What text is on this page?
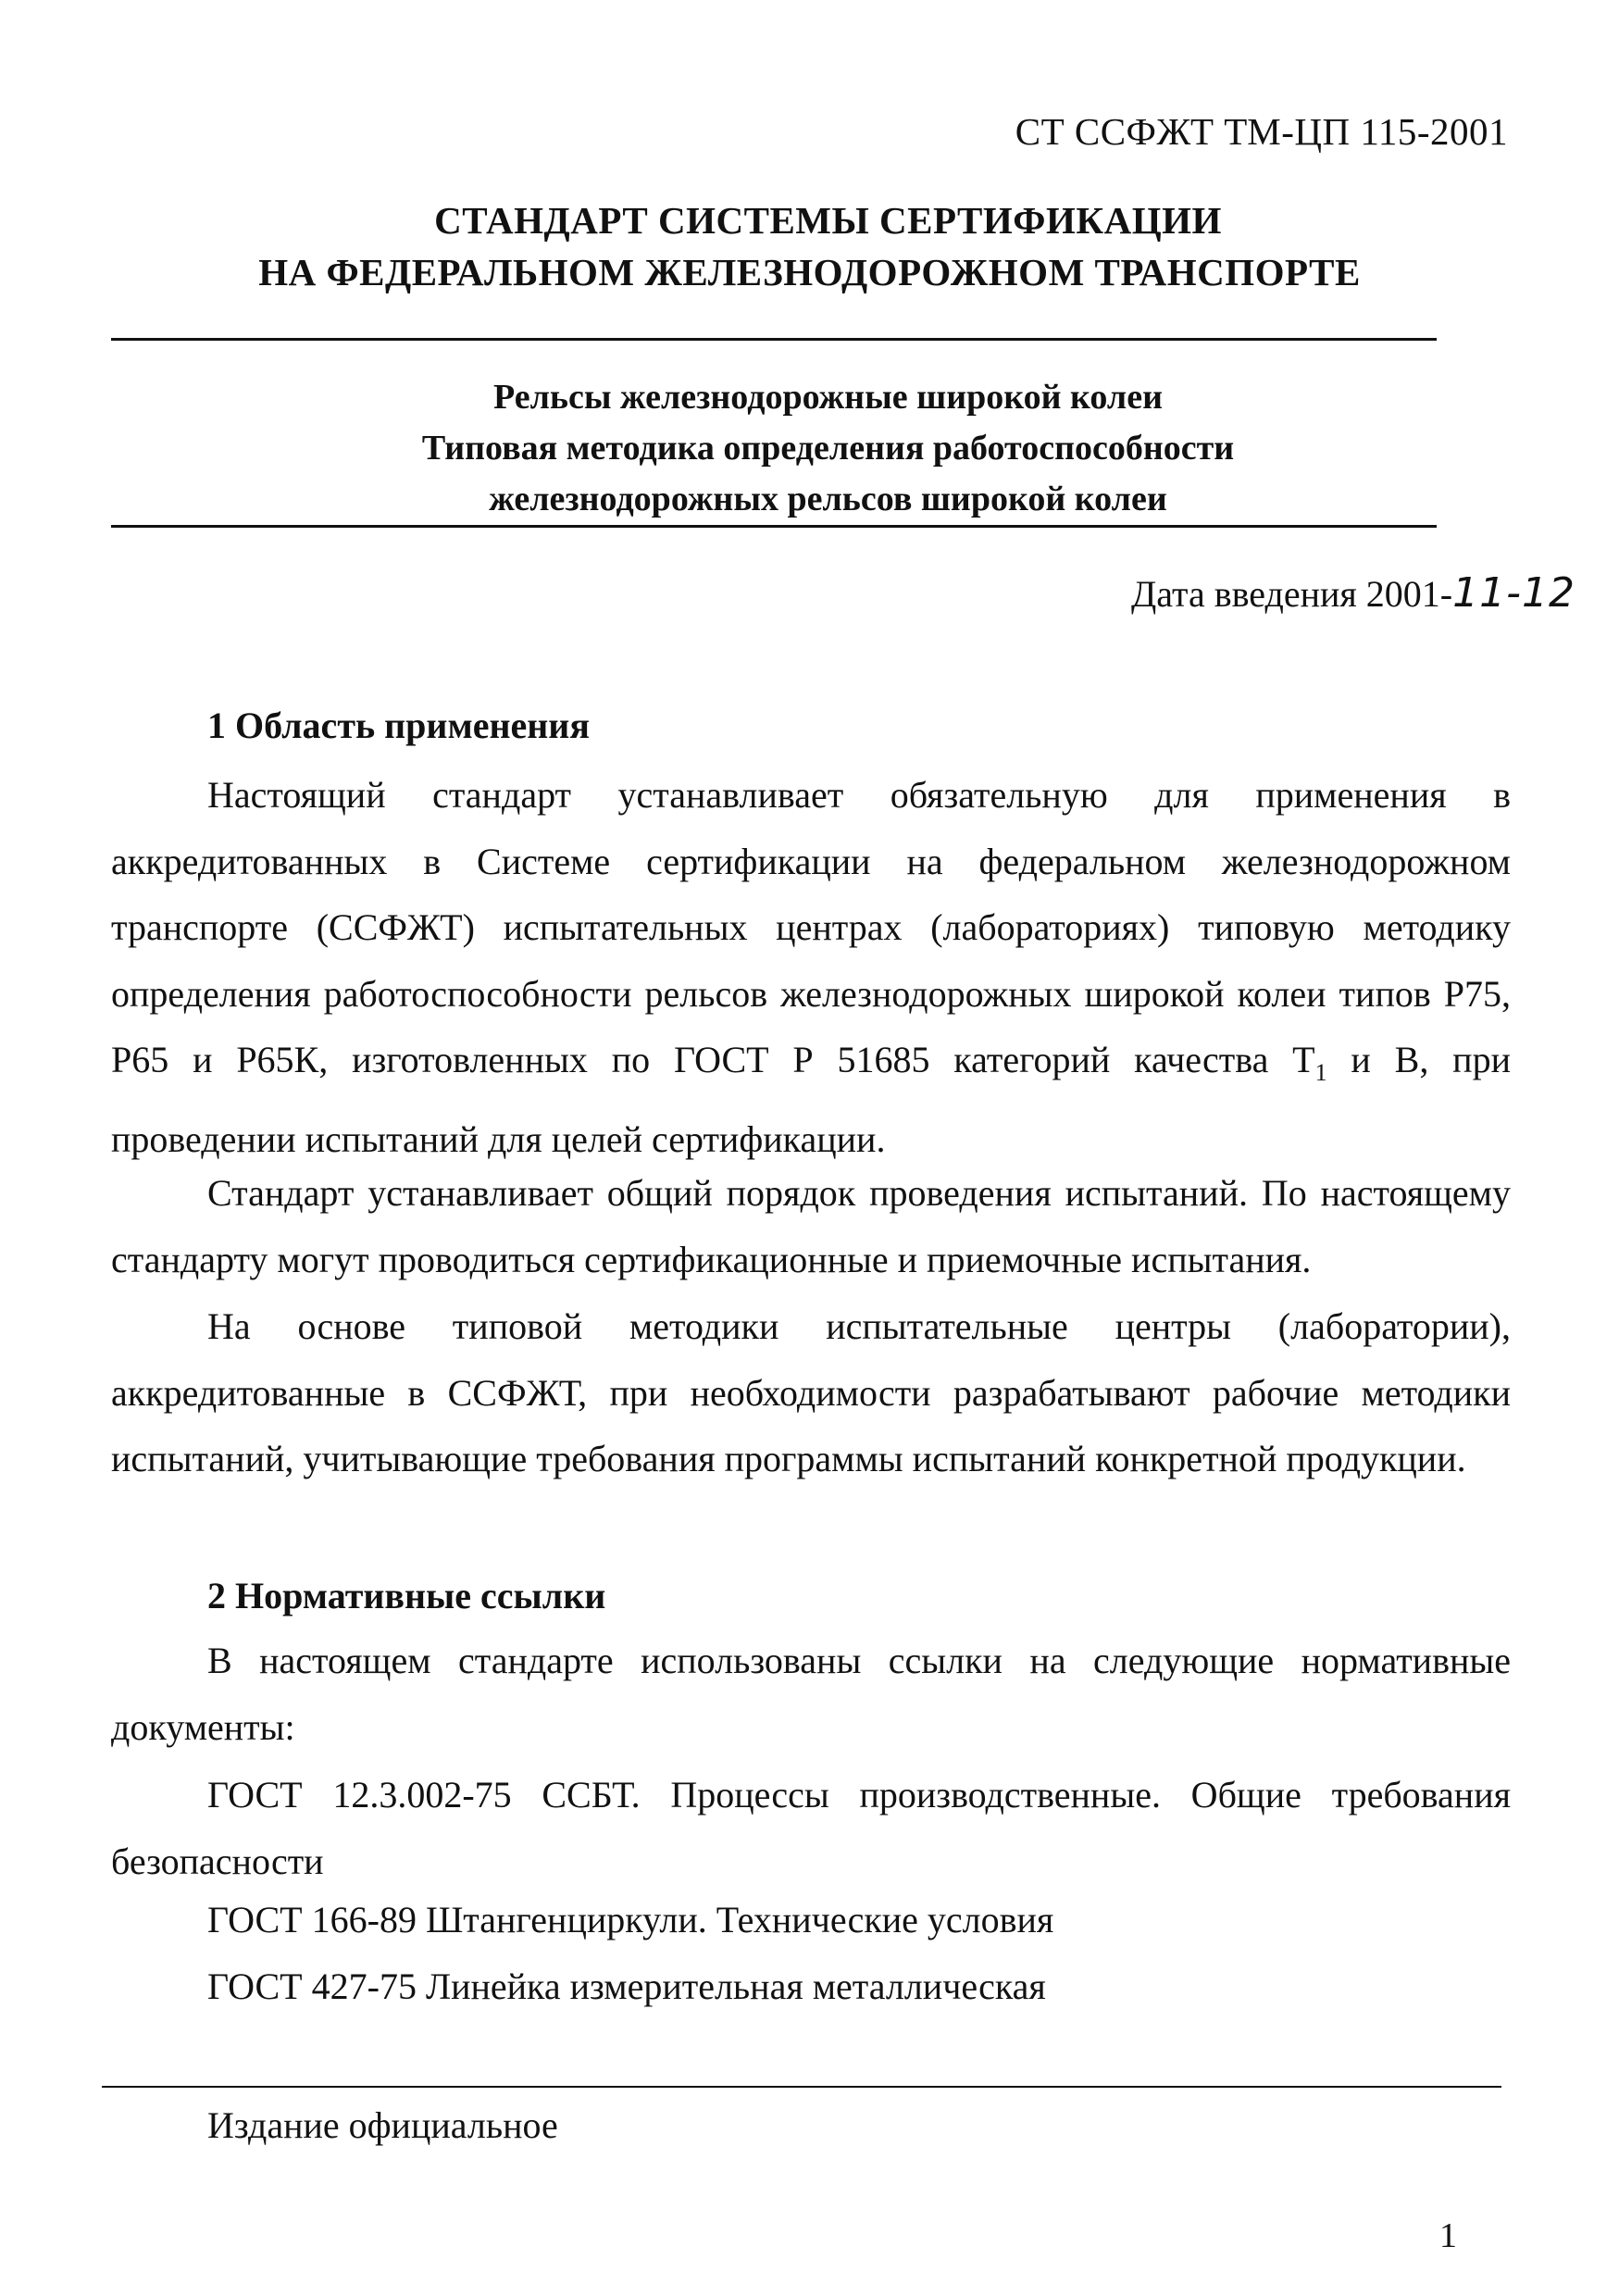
СТ ССФЖТ ТМ-ЦП 115-2001
СТАНДАРТ СИСТЕМЫ СЕРТИФИКАЦИИ
НА ФЕДЕРАЛЬНОМ ЖЕЛЕЗНОДОРОЖНОМ ТРАНСПОРТЕ
Рельсы железнодорожные широкой колеи
Типовая методика определения работоспособности
железнодорожных рельсов широкой колеи
Дата введения 2001-11-12
1 Область применения

Настоящий стандарт устанавливает обязательную для применения в аккредитованных в Системе сертификации на федеральном железнодорожном транспорте (ССФЖТ) испытательных центрах (лабораториях) типовую методику определения работоспособности рельсов железнодорожных широкой колеи типов Р75, Р65 и Р65К, изготовленных по ГОСТ Р 51685 категорий качества $Т_1$ и В, при проведении испытаний для целей сертификации.

Стандарт устанавливает общий порядок проведения испытаний. По настоящему стандарту могут проводиться сертификационные и приемочные испытания.

На основе типовой методики испытательные центры (лаборатории), аккредитованные в ССФЖТ, при необходимости разрабатывают рабочие методики испытаний, учитывающие требования программы испытаний конкретной продукции.

2 Нормативные ссылки

В настоящем стандарте использованы ссылки на следующие нормативные документы:

ГОСТ 12.3.002-75 ССБТ. Процессы производственные. Общие требования безопасности

ГОСТ 166-89 Штангенциркули. Технические условия
ГОСТ 427-75 Линейка измерительная металлическая
Издание официальное
1
